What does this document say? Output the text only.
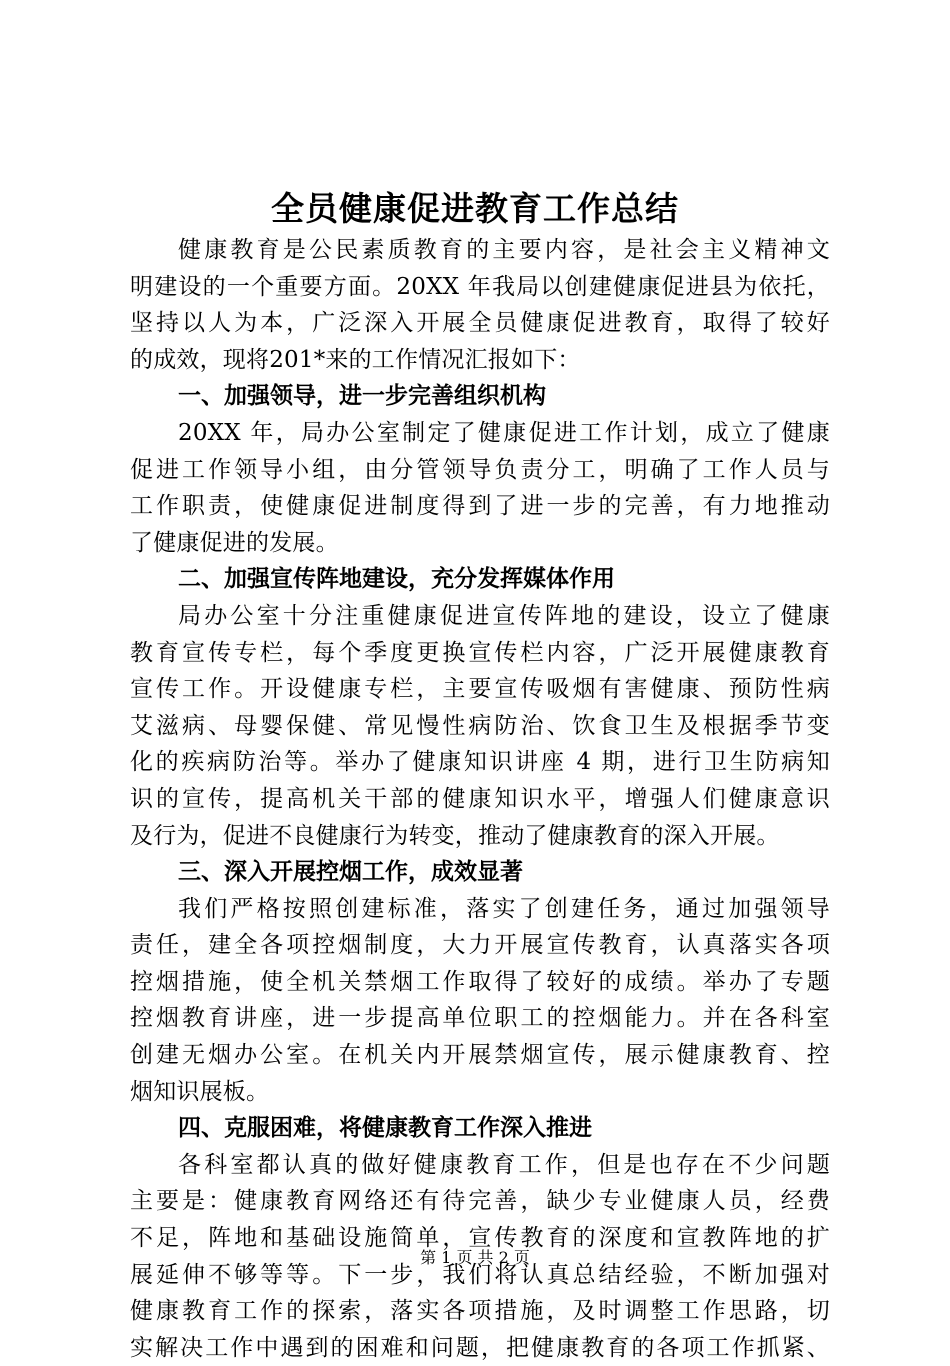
全员健康促进教育工作总结
健康教育是公民素质教育的主要内容，是社会主义精神文
明建设的一个重要方面。20XX 年我局以创建健康促进县为依托，
坚持以人为本，广泛深入开展全员健康促进教育，取得了较好
的成效，现将201*来的工作情况汇报如下：
一、加强领导，进一步完善组织机构
20XX 年，局办公室制定了健康促进工作计划，成立了健康
促进工作领导小组，由分管领导负责分工，明确了工作人员与
工作职责，使健康促进制度得到了进一步的完善，有力地推动
了健康促进的发展。
二、加强宣传阵地建设，充分发挥媒体作用
局办公室十分注重健康促进宣传阵地的建设，设立了健康
教育宣传专栏，每个季度更换宣传栏内容，广泛开展健康教育
宣传工作。开设健康专栏，主要宣传吸烟有害健康、预防性病
艾滋病、母婴保健、常见慢性病防治、饮食卫生及根据季节变
化的疾病防治等。举办了健康知识讲座 4 期，进行卫生防病知
识的宣传，提高机关干部的健康知识水平，增强人们健康意识
及行为，促进不良健康行为转变，推动了健康教育的深入开展。
三、深入开展控烟工作，成效显著
我们严格按照创建标准，落实了创建任务，通过加强领导
责任，建全各项控烟制度，大力开展宣传教育，认真落实各项
控烟措施，使全机关禁烟工作取得了较好的成绩。举办了专题
控烟教育讲座，进一步提高单位职工的控烟能力。并在各科室
创建无烟办公室。在机关内开展禁烟宣传，展示健康教育、控
烟知识展板。
四、克服困难，将健康教育工作深入推进
各科室都认真的做好健康教育工作，但是也存在不少问题
主要是：健康教育网络还有待完善，缺少专业健康人员，经费
不足，阵地和基础设施简单，宣传教育的深度和宣教阵地的扩
展延伸不够等等。下一步，我们将认真总结经验，不断加强对
健康教育工作的探索，落实各项措施，及时调整工作思路，切
实解决工作中遇到的困难和问题，把健康教育的各项工作抓紧、
第 1 页 共 2 页
